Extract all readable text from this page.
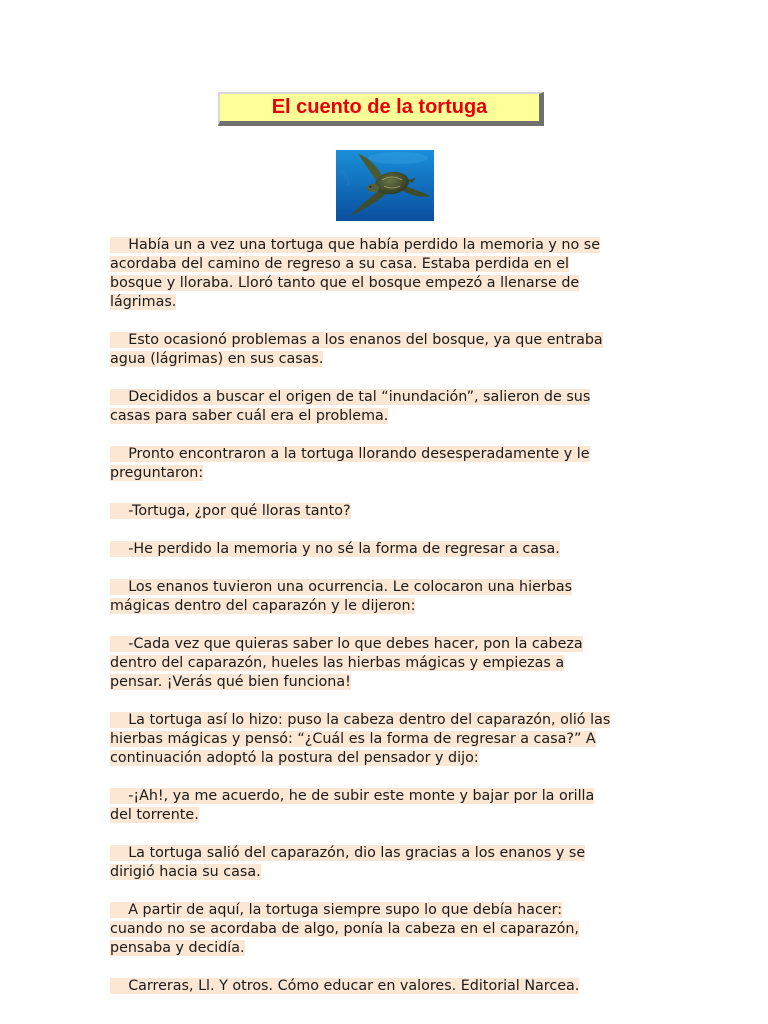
El cuento de la tortuga

Había un a vez una tortuga que había perdido la memoria y no se
acordaba del camino de regreso a su casa. Estaba perdida en el
bosque y lloraba. Lloró tanto que el bosque empezó a llenarse de
lágrimas.

Esto ocasionó problemas a los enanos del bosque, ya que entraba
agua (lágrimas) en sus casas.

Decididos a buscar el origen de tal “inundación”, salieron de sus
casas para saber cuál era el problema.

Pronto encontraron a la tortuga llorando desesperadamente y le
preguntaron:

-Tortuga, ¿por qué lloras tanto?

-He perdido la memoria y no sé la forma de regresar a casa.

Los enanos tuvieron una ocurrencia. Le colocaron una hierbas
mágicas dentro del caparazón y le dijeron:

-Cada vez que quieras saber lo que debes hacer, pon la cabeza
dentro del caparazón, hueles las hierbas mágicas y empiezas a
pensar. ¡Verás qué bien funciona!

La tortuga así lo hizo: puso la cabeza dentro del caparazón, olió las
hierbas mágicas y pensó: “¿Cuál es la forma de regresar a casa?” A
continuación adoptó la postura del pensador y dijo:

-¡Ah!, ya me acuerdo, he de subir este monte y bajar por la orilla
del torrente.

La tortuga salió del caparazón, dio las gracias a los enanos y se
dirigió hacia su casa.

A partir de aquí, la tortuga siempre supo lo que debía hacer:
cuando no se acordaba de algo, ponía la cabeza en el caparazón,
pensaba y decidía.

Carreras, Ll. Y otros. Cómo educar en valores. Editorial Narcea.
